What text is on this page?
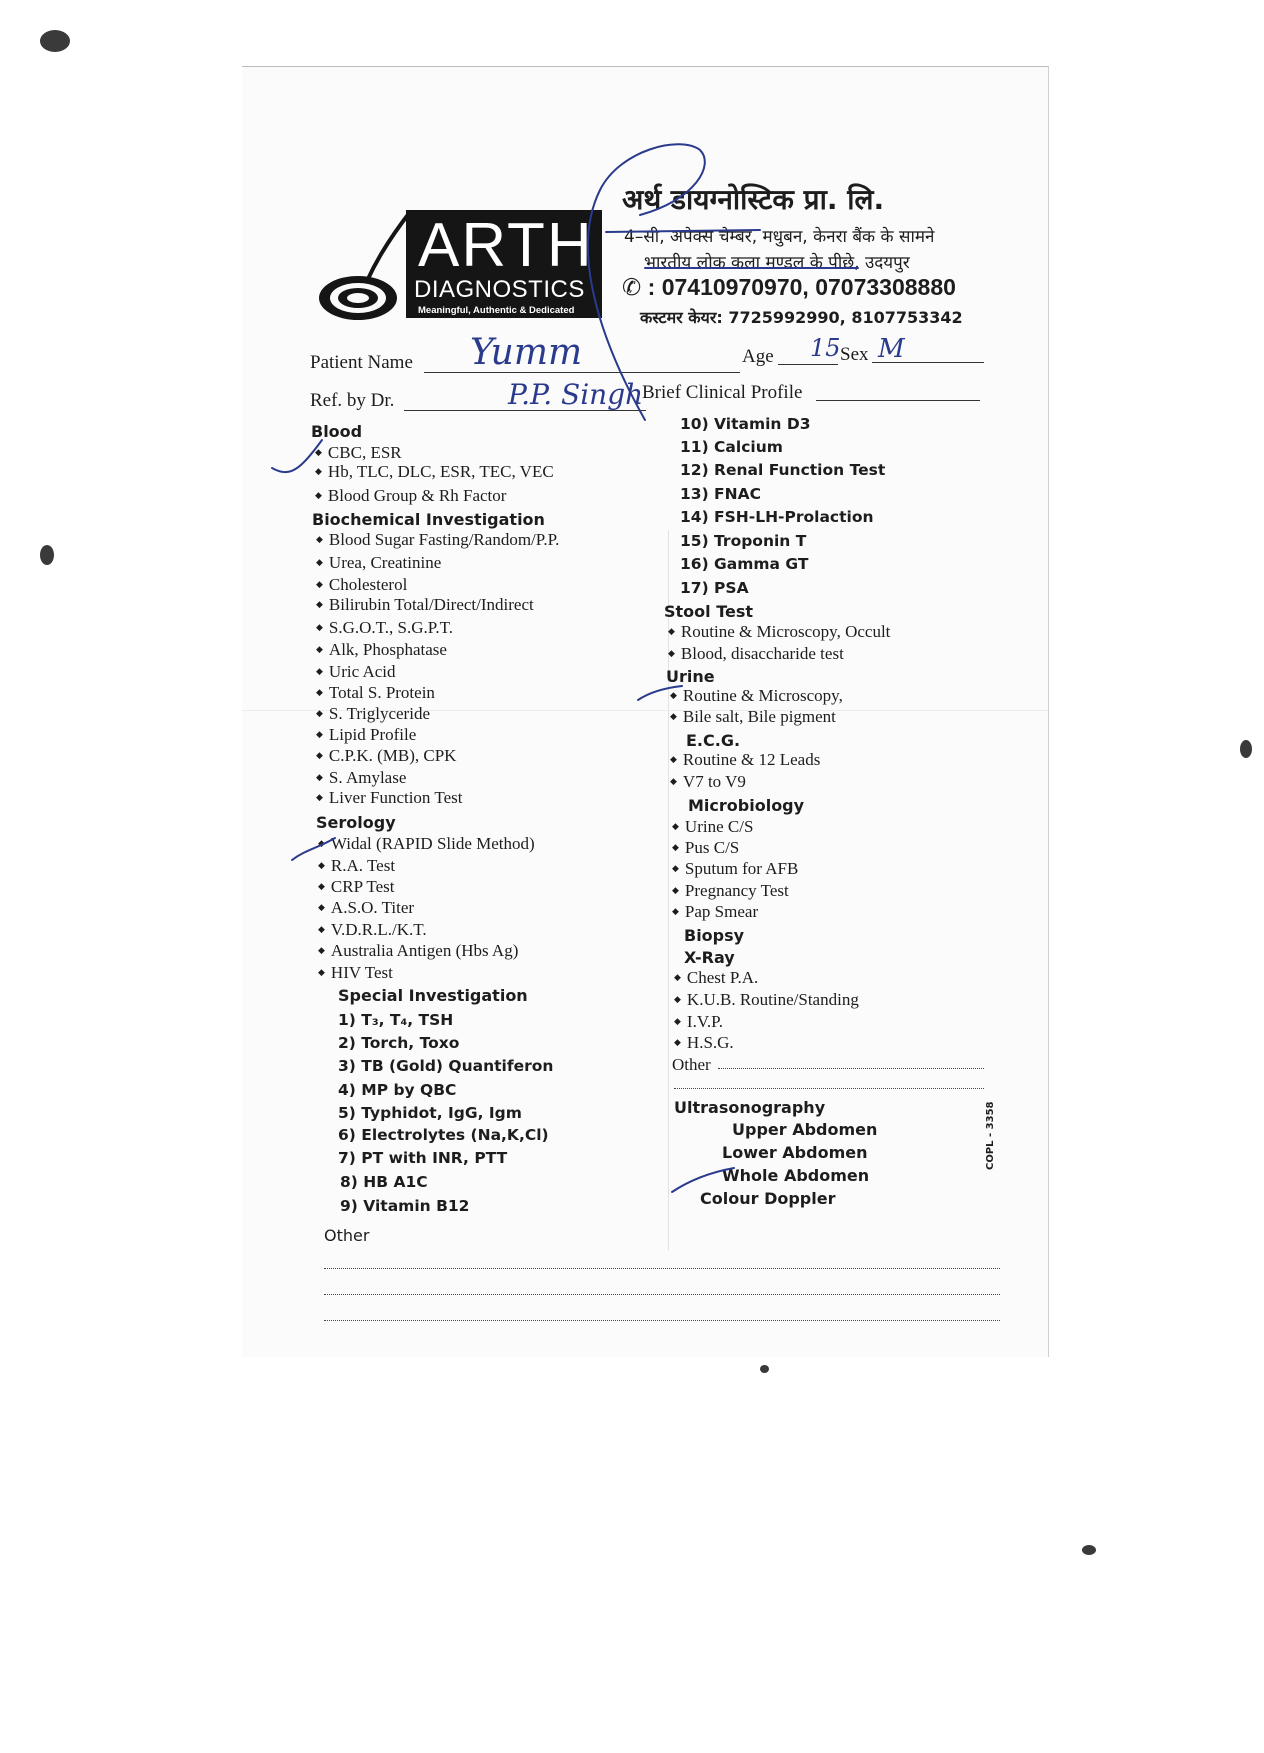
ARTH
DIAGNOSTICS
Meaningful, Authentic & Dedicated
अर्थ डायग्नोस्टिक प्रा. लि.
4–सी, अपेक्स चेम्बर, मधुबन, केनरा बैंक के सामने
भारतीय लोक कला मण्डल के पीछे, उदयपुर
✆ : 07410970970, 07073308880
कस्टमर केयर: 7725992990, 8107753342
Patient Name Yumm	Age 15 Sex M
Ref. by Dr.	P.P. Singh
Brief Clinical Profile
Blood
◆ CBC, ESR
◆ Hb, TLC, DLC, ESR, TEC, VEC
◆ Blood Group & Rh Factor
Biochemical Investigation
◆ Blood Sugar Fasting/Random/P.P.
◆ Urea, Creatinine
◆ Cholesterol
◆ Bilirubin Total/Direct/Indirect
◆ S.G.O.T., S.G.P.T.
◆ Alk, Phosphatase
◆ Uric Acid
◆ Total S. Protein
◆ S. Triglyceride
◆ Lipid Profile
◆ C.P.K. (MB), CPK
◆ S. Amylase
◆ Liver Function Test
Serology
◆ Widal (RAPID Slide Method)
◆ R.A. Test
◆ CRP Test
◆ A.S.O. Titer
◆ V.D.R.L./K.T.
◆ Australia Antigen (Hbs Ag)
◆ HIV Test
Special Investigation
1) T₃, T₄, TSH
2) Torch, Toxo
3) TB (Gold) Quantiferon
4) MP by QBC
5) Typhidot, IgG, Igm
6) Electrolytes (Na,K,Cl)
7) PT with INR, PTT
8) HB A1C
9) Vitamin B12
Other
10) Vitamin D3
11) Calcium
12) Renal Function Test
13) FNAC
14) FSH-LH-Prolaction
15) Troponin T
16) Gamma GT
17) PSA
Stool Test
◆ Routine & Microscopy, Occult
◆ Blood, disaccharide test
Urine
◆ Routine & Microscopy,
◆ Bile salt, Bile pigment
E.C.G.
◆ Routine & 12 Leads
◆ V7 to V9
Microbiology
◆ Urine C/S
◆ Pus C/S
◆ Sputum for AFB
◆ Pregnancy Test
◆ Pap Smear
Biopsy
X-Ray
◆ Chest P.A.
◆ K.U.B. Routine/Standing
◆ I.V.P.
◆ H.S.G.
Other
Ultrasonography
Upper Abdomen
Lower Abdomen
Whole Abdomen
Colour Doppler
COPL - 3358
